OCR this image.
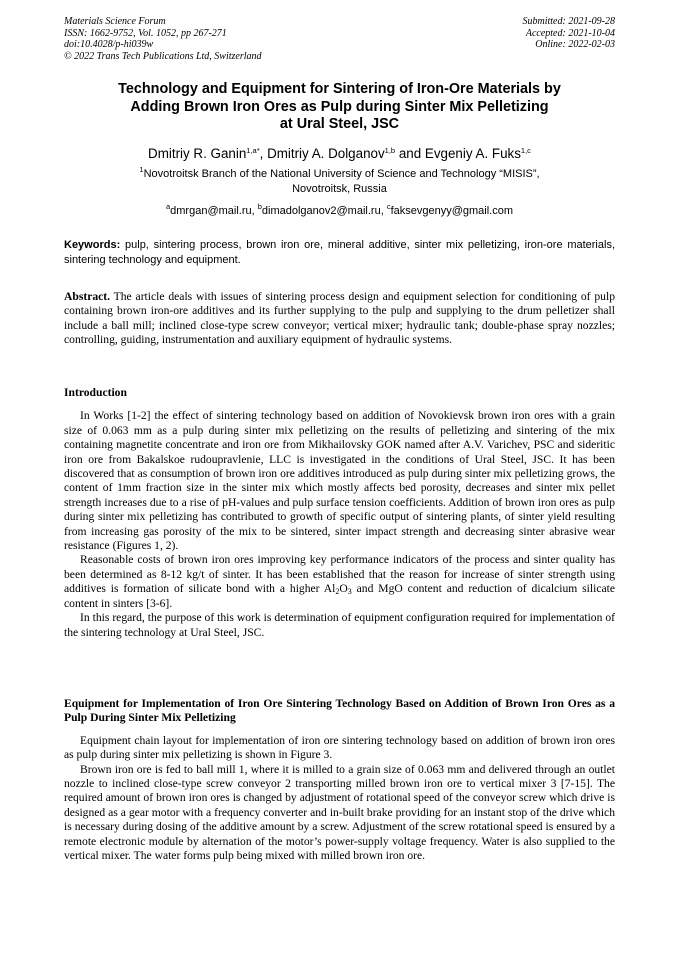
Materials Science Forum
ISSN: 1662-9752, Vol. 1052, pp 267-271
doi:10.4028/p-hi039w
© 2022 Trans Tech Publications Ltd, Switzerland
Submitted: 2021-09-28
Accepted: 2021-10-04
Online: 2022-02-03
Technology and Equipment for Sintering of Iron-Ore Materials by
Adding Brown Iron Ores as Pulp during Sinter Mix Pelletizing
at Ural Steel, JSC
Dmitriy R. Ganin$^{1,a*}$, Dmitriy A. Dolganov$^{1,b}$ and Evgeniy A. Fuks$^{1,c}$
$^1$Novotroitsk Branch of the National University of Science and Technology “MISIS”,
Novotroitsk, Russia
$^a$dmrgan@mail.ru, $^b$dimadolganov2@mail.ru, $^c$faksevgenyy@gmail.com
Keywords: pulp, sintering process, brown iron ore, mineral additive, sinter mix pelletizing, iron-ore materials, sintering technology and equipment.
Abstract. The article deals with issues of sintering process design and equipment selection for conditioning of pulp containing brown iron-ore additives and its further supplying to the pulp and supplying to the drum pelletizer shall include a ball mill; inclined close-type screw conveyor; vertical mixer; hydraulic tank; double-phase spray nozzles; controlling, guiding, instrumentation and auxiliary equipment of hydraulic systems.

Introduction

In Works [1-2] the effect of sintering technology based on addition of Novokievsk brown iron ores with a grain size of 0.063 mm as a pulp during sinter mix pelletizing on the results of pelletizing and sintering of the mix containing magnetite concentrate and iron ore from Mikhailovsky GOK named after A.V. Varichev, PSC and sideritic iron ore from Bakalskoe rudoupravlenie, LLC is investigated in the conditions of Ural Steel, JSC. It has been discovered that as consumption of brown iron ore additives introduced as pulp during sinter mix pelletizing grows, the content of 1mm fraction size in the sinter mix which mostly affects bed porosity, decreases and sinter mix pellet strength increases due to a rise of pH-values and pulp surface tension coefficients. Addition of brown iron ores as pulp during sinter mix pelletizing has contributed to growth of specific output of sintering plants, of sinter yield resulting from increasing gas porosity of the mix to be sintered, sinter impact strength and decreasing sinter abrasive wear resistance (Figures 1, 2).

Reasonable costs of brown iron ores improving key performance indicators of the process and sinter quality has been determined as 8-12 kg/t of sinter. It has been established that the reason for increase of sinter strength using additives is formation of silicate bond with a higher $Al_2O_3$ and MgO content and reduction of dicalcium silicate content in sinters [3-6].

In this regard, the purpose of this work is determination of equipment configuration required for implementation of the sintering technology at Ural Steel, JSC.

Equipment for Implementation of Iron Ore Sintering Technology Based on Addition of Brown Iron Ores as a Pulp During Sinter Mix Pelletizing

Equipment chain layout for implementation of iron ore sintering technology based on addition of brown iron ores as pulp during sinter mix pelletizing is shown in Figure 3.

Brown iron ore is fed to ball mill 1, where it is milled to a grain size of 0.063 mm and delivered through an outlet nozzle to inclined close-type screw conveyor 2 transporting milled brown iron ore to vertical mixer 3 [7-15]. The required amount of brown iron ores is changed by adjustment of rotational speed of the conveyor screw which drive is designed as a gear motor with a frequency converter and in-built brake providing for an instant stop of the drive which is necessary during dosing of the additive amount by a screw. Adjustment of the screw rotational speed is ensured by a remote electronic module by alternation of the motor’s power-supply voltage frequency. Water is also supplied to the vertical mixer. The water forms pulp being mixed with milled brown iron ore.
